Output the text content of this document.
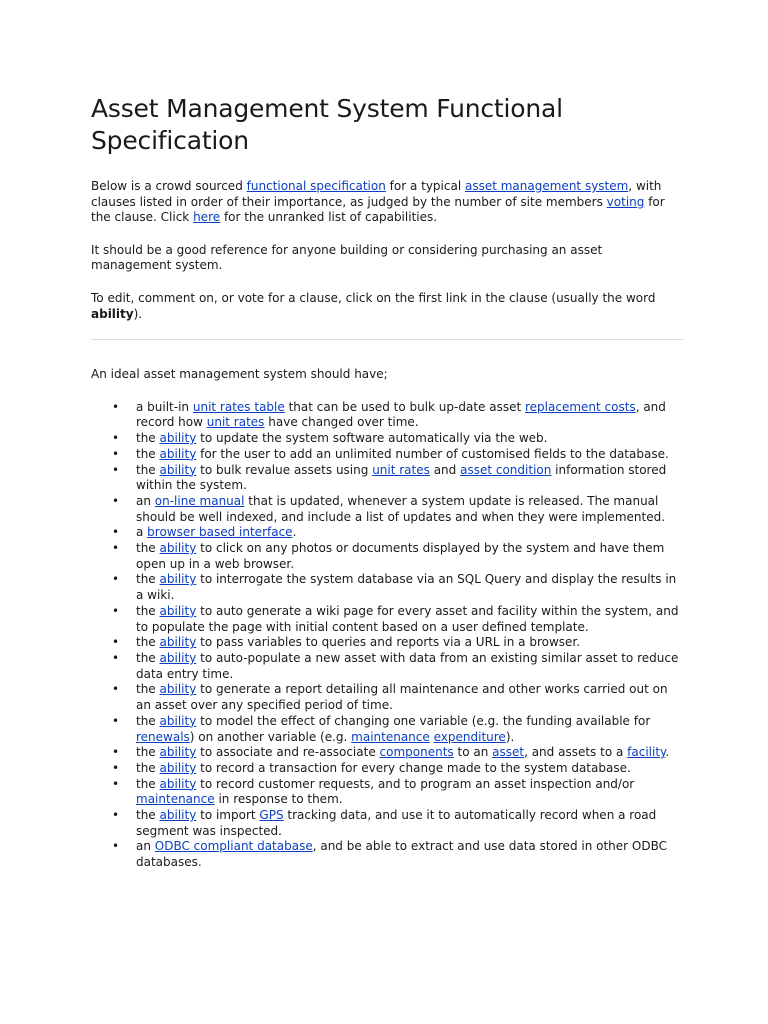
Asset Management System Functional Specification

Below is a crowd sourced functional specification for a typical asset management system, with clauses listed in order of their importance, as judged by the number of site members voting for the clause. Click here for the unranked list of capabilities.

It should be a good reference for anyone building or considering purchasing an asset management system.

To edit, comment on, or vote for a clause, click on the first link in the clause (usually the word ability).

An ideal asset management system should have;

• a built-in unit rates table that can be used to bulk up-date asset replacement costs, and record how unit rates have changed over time.
• the ability to update the system software automatically via the web.
• the ability for the user to add an unlimited number of customised fields to the database.
• the ability to bulk revalue assets using unit rates and asset condition information stored within the system.
• an on-line manual that is updated, whenever a system update is released. The manual should be well indexed, and include a list of updates and when they were implemented.
• a browser based interface.
• the ability to click on any photos or documents displayed by the system and have them open up in a web browser.
• the ability to interrogate the system database via an SQL Query and display the results in a wiki.
• the ability to auto generate a wiki page for every asset and facility within the system, and to populate the page with initial content based on a user defined template.
• the ability to pass variables to queries and reports via a URL in a browser.
• the ability to auto-populate a new asset with data from an existing similar asset to reduce data entry time.
• the ability to generate a report detailing all maintenance and other works carried out on an asset over any specified period of time.
• the ability to model the effect of changing one variable (e.g. the funding available for renewals) on another variable (e.g. maintenance expenditure).
• the ability to associate and re-associate components to an asset, and assets to a facility.
• the ability to record a transaction for every change made to the system database.
• the ability to record customer requests, and to program an asset inspection and/or maintenance in response to them.
• the ability to import GPS tracking data, and use it to automatically record when a road segment was inspected.
• an ODBC compliant database, and be able to extract and use data stored in other ODBC databases.
